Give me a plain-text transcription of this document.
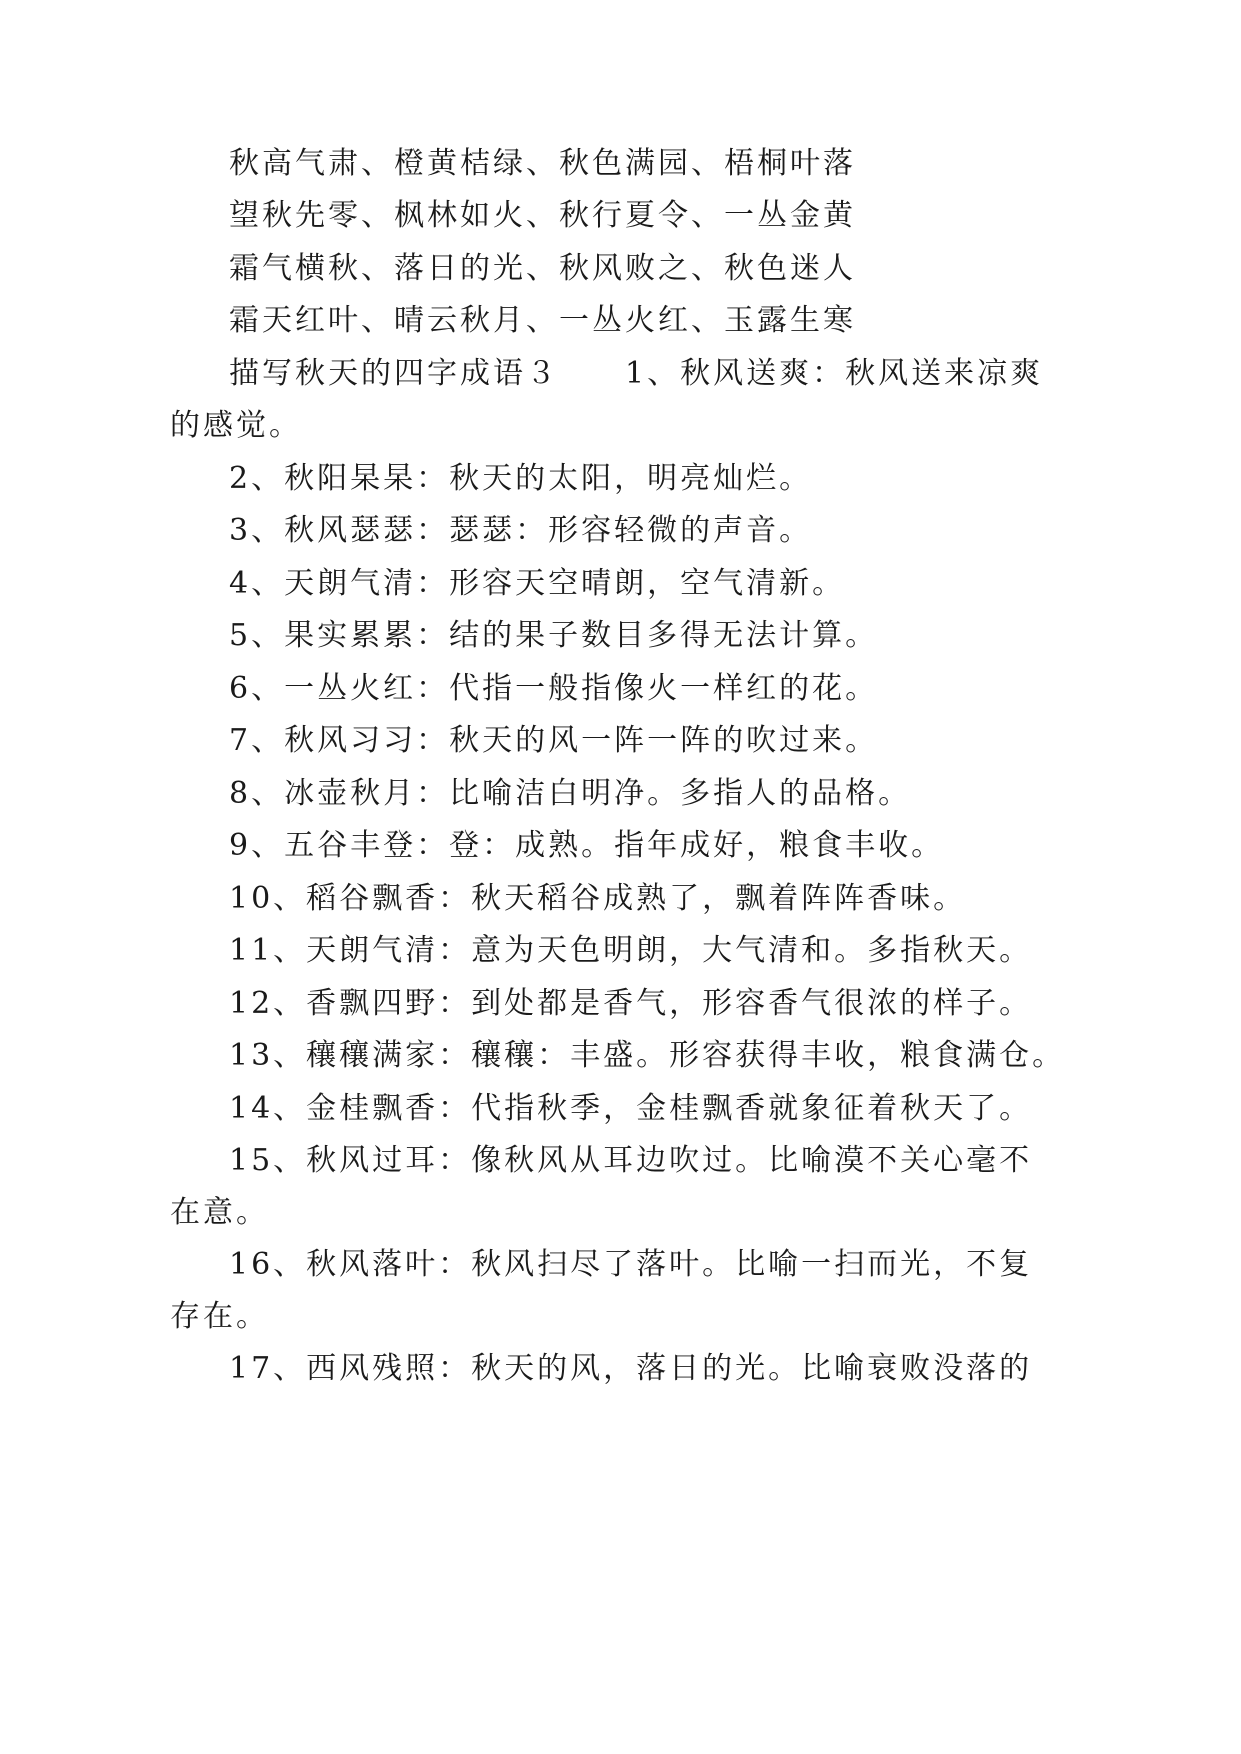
秋高气肃、橙黄桔绿、秋色满园、梧桐叶落
望秋先零、枫林如火、秋行夏令、一丛金黄
霜气横秋、落日的光、秋风败之、秋色迷人
霜天红叶、晴云秋月、一丛火红、玉露生寒
描写秋天的四字成语３　　1、秋风送爽：秋风送来凉爽
的感觉。
2、秋阳杲杲：秋天的太阳，明亮灿烂。
3、秋风瑟瑟：瑟瑟：形容轻微的声音。
4、天朗气清：形容天空晴朗，空气清新。
5、果实累累：结的果子数目多得无法计算。
6、一丛火红：代指一般指像火一样红的花。
7、秋风习习：秋天的风一阵一阵的吹过来。
8、冰壶秋月：比喻洁白明净。多指人的品格。
9、五谷丰登：登：成熟。指年成好，粮食丰收。
10、稻谷飘香：秋天稻谷成熟了，飘着阵阵香味。
11、天朗气清：意为天色明朗，大气清和。多指秋天。
12、香飘四野：到处都是香气，形容香气很浓的样子。
13、穰穰满家：穰穰：丰盛。形容获得丰收，粮食满仓。
14、金桂飘香：代指秋季，金桂飘香就象征着秋天了。
15、秋风过耳：像秋风从耳边吹过。比喻漠不关心毫不
在意。
16、秋风落叶：秋风扫尽了落叶。比喻一扫而光，不复
存在。
17、西风残照：秋天的风，落日的光。比喻衰败没落的
